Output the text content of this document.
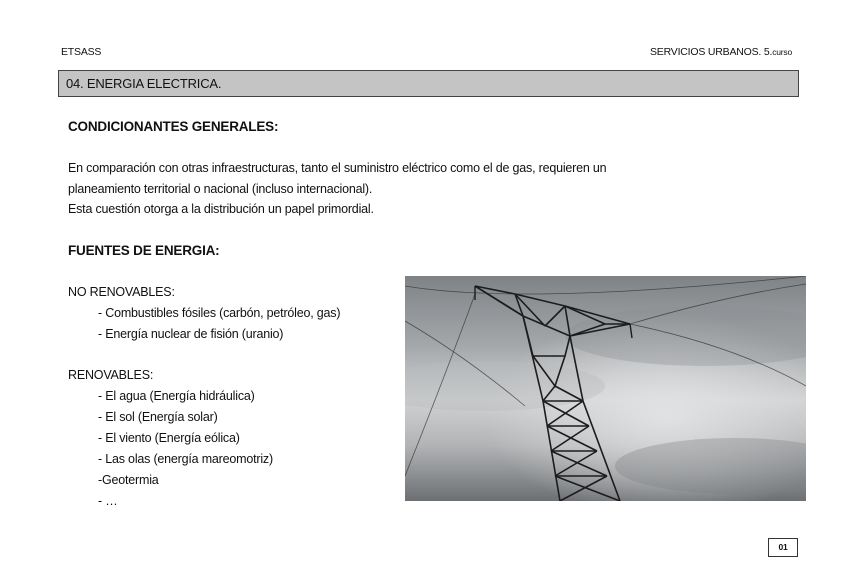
ETSASS	SERVICIOS URBANOS. 5.curso
04. ENERGIA ELECTRICA.
CONDICIONANTES GENERALES:
En comparación con otras infraestructuras, tanto el suministro eléctrico como el de gas, requieren un
planeamiento territorial o nacional (incluso internacional).
Esta cuestión otorga a la distribución un papel primordial.
FUENTES DE ENERGIA:
NO RENOVABLES:
- Combustibles fósiles (carbón, petróleo, gas)
- Energía nuclear de fisión (uranio)
RENOVABLES:
- El agua (Energía hidráulica)
- El sol (Energía solar)
- El viento (Energía eólica)
- Las olas (energía mareomotriz)
-Geotermia
- …
01
